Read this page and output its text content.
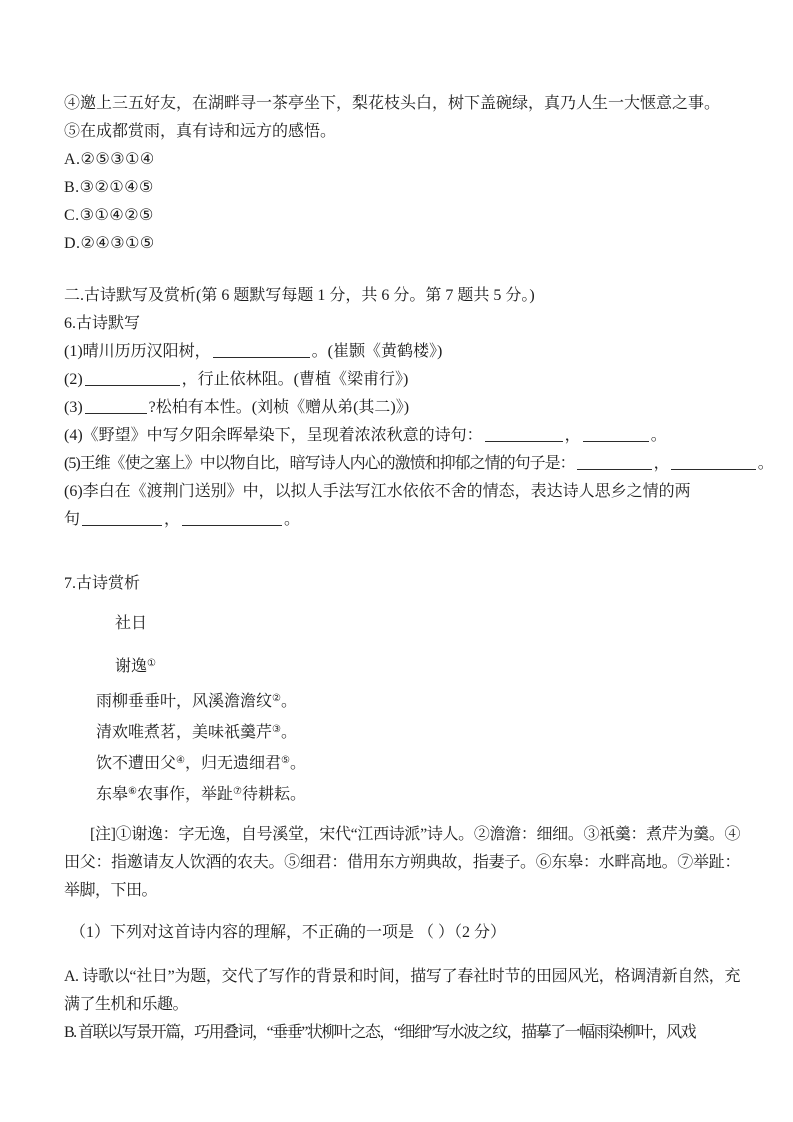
④邀上三五好友，在湖畔寻一茶亭坐下，梨花枝头白，树下盖碗绿，真乃人生一大惬意之事。

⑤在成都赏雨，真有诗和远方的感悟。

A.②⑤③①④

B.③②①④⑤

C.③①④②⑤

D.②④③①⑤

二.古诗默写及赏析(第 6 题默写每题 1 分，共 6 分。第 7 题共 5 分。)

6.古诗默写

(1)晴川历历汉阳树，	。(崔颢《黄鹤楼》)

(2)	，行止依林阻。(曹植《梁甫行》)

(3)	?松柏有本性。(刘桢《赠从弟(其二)》)

(4)《野望》中写夕阳余晖晕染下，呈现着浓浓秋意的诗句：	，	。

(5)王维《使之塞上》中以物自比，暗写诗人内心的激愤和抑郁之情的句子是：	，	。

(6)李白在《渡荆门送别》中，以拟人手法写江水依依不舍的情态，表达诗人思乡之情的两

句	，	。

7.古诗赏析

社日

谢逸①

雨柳垂垂叶，风溪澹澹纹②。

清欢唯煮茗，美味祇羹芹③。

饮不遭田父④，归无遗细君⑤。

东皋⑥农事作，举趾⑦待耕耘。

[注]①谢逸：字无逸，自号溪堂，宋代“江西诗派”诗人。②澹澹：细细。③祇羹：煮芹为羹。④田父：指邀请友人饮酒的农夫。⑤细君：借用东方朔典故，指妻子。⑥东皋：水畔高地。⑦举趾：举脚，下田。

（1）下列对这首诗内容的理解，不正确的一项是 （ ）（2 分）

A. 诗歌以“社日”为题，交代了写作的背景和时间，描写了春社时节的田园风光，格调清新自然，充满了生机和乐趣。

B. 首联以写景开篇，巧用叠词，“垂垂”状柳叶之态，“细细”写水波之纹，描摹了一幅雨染柳叶，风戏
